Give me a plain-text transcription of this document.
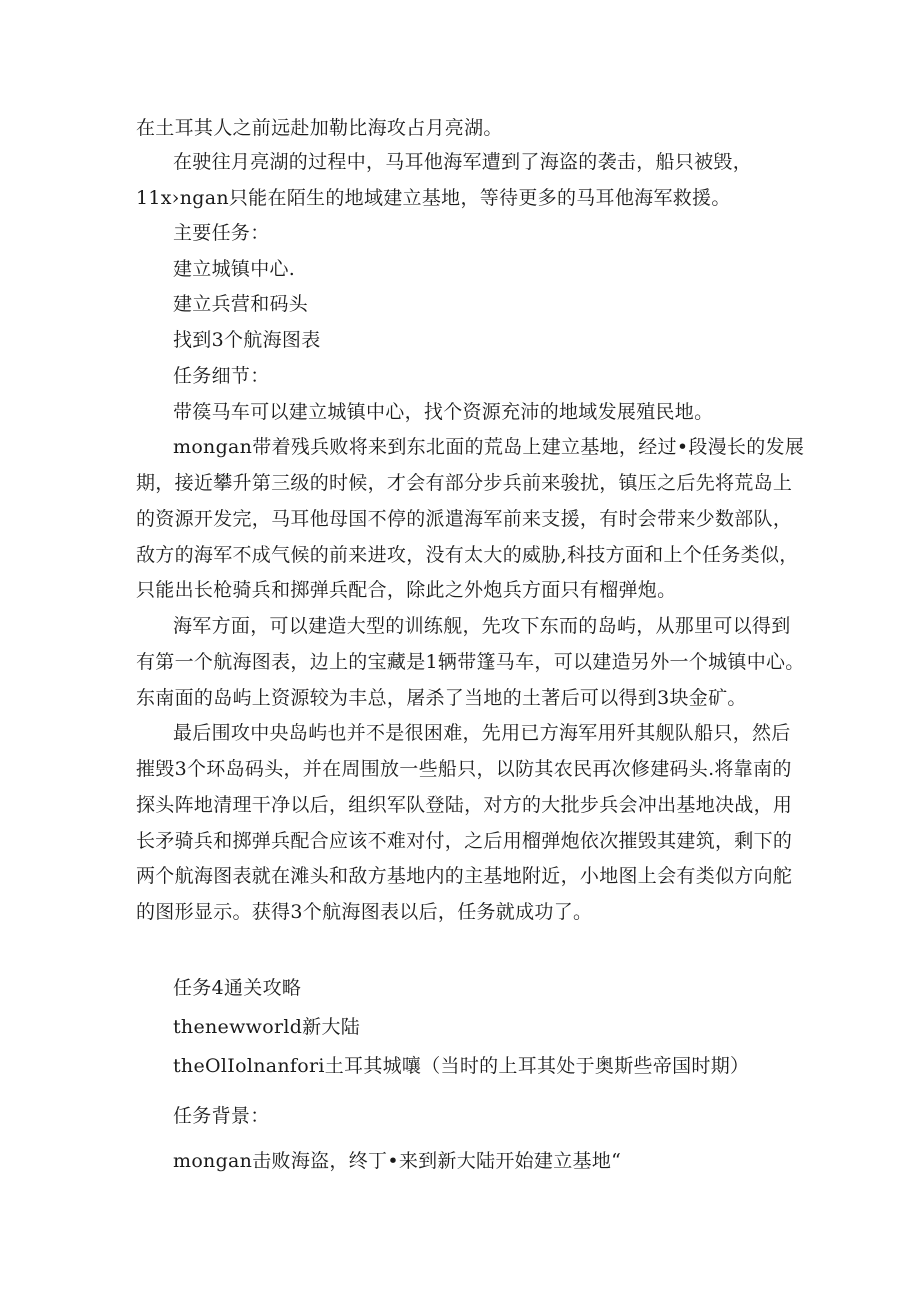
在土耳其人之前远赴加勒比海攻占月亮湖。
在驶往月亮湖的过程中，马耳他海军遭到了海盗的袭击，船只被毁，
11x›ngan只能在陌生的地域建立基地，等待更多的马耳他海军救援。
主要任务：
建立城镇中心.
建立兵营和码头
找到3个航海图表
任务细节：
带篌马车可以建立城镇中心，找个资源充沛的地域发展殖民地。
mongan带着残兵败将来到东北面的荒岛上建立基地，经过•段漫长的发展
期，接近攀升第三级的时候，才会有部分步兵前来骏扰，镇压之后先将荒岛上
的资源开发完，马耳他母国不停的派遣海军前来支援，有时会带来少数部队，
敌方的海军不成气候的前来进攻，没有太大的威胁,科技方面和上个任务类似，
只能出长枪骑兵和掷弹兵配合，除此之外炮兵方面只有榴弹炮。
海军方面，可以建造大型的训练舰，先攻下东而的岛屿，从那里可以得到
有第一个航海图表，边上的宝藏是1辆带篷马车，可以建造另外一个城镇中心。
东南面的岛屿上资源较为丰总，屠杀了当地的土著后可以得到3块金矿。
最后围攻中央岛屿也并不是很困难，先用已方海军用歼其舰队船只，然后
摧毁3个环岛码头，并在周围放一些船只，以防其农民再次修建码头.将靠南的
探头阵地清理干净以后，组织军队登陆，对方的大批步兵会冲出基地决战，用
长矛骑兵和掷弹兵配合应该不难对付，之后用榴弹炮依次摧毁其建筑，剩下的
两个航海图表就在滩头和敌方基地内的主基地附近，小地图上会有类似方向舵
的图形显示。获得3个航海图表以后，任务就成功了。
任务4通关攻略
thenewworld新大陆
theOlIolnanfori土耳其城嚷（当时的上耳其处于奥斯些帝国时期）
任务背景：
mongan击败海盗，终丁•来到新大陆开始建立基地“
